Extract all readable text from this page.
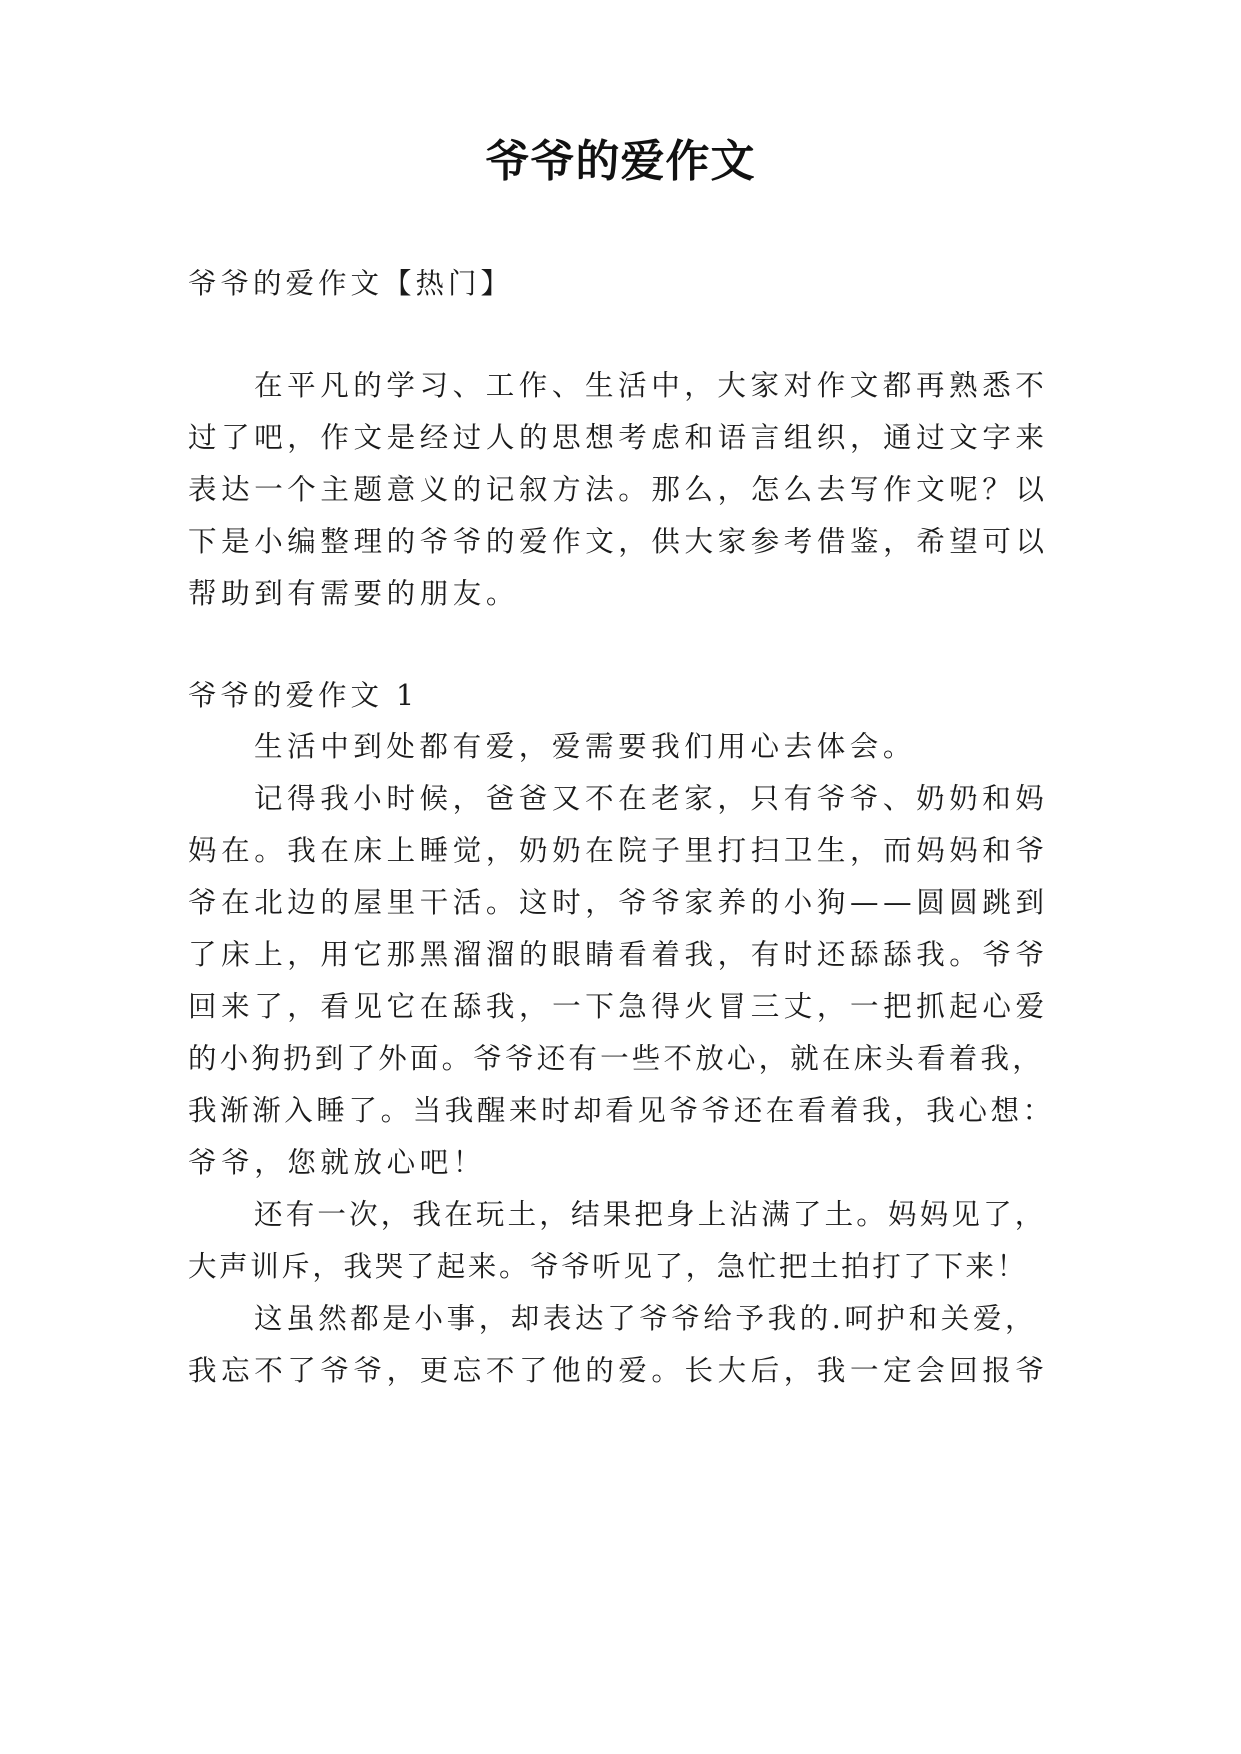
爷爷的爱作文
爷爷的爱作文【热门】
在平凡的学习、工作、生活中，大家对作文都再熟悉不
过了吧，作文是经过人的思想考虑和语言组织，通过文字来
表达一个主题意义的记叙方法。那么，怎么去写作文呢？以
下是小编整理的爷爷的爱作文，供大家参考借鉴，希望可以
帮助到有需要的朋友。
爷爷的爱作文 1
生活中到处都有爱，爱需要我们用心去体会。
记得我小时候，爸爸又不在老家，只有爷爷、奶奶和妈
妈在。我在床上睡觉，奶奶在院子里打扫卫生，而妈妈和爷
爷在北边的屋里干活。这时，爷爷家养的小狗——圆圆跳到
了床上，用它那黑溜溜的眼睛看着我，有时还舔舔我。爷爷
回来了，看见它在舔我，一下急得火冒三丈，一把抓起心爱
的小狗扔到了外面。爷爷还有一些不放心，就在床头看着我，
我渐渐入睡了。当我醒来时却看见爷爷还在看着我，我心想：
爷爷，您就放心吧！
还有一次，我在玩土，结果把身上沾满了土。妈妈见了，
大声训斥，我哭了起来。爷爷听见了，急忙把土拍打了下来！
这虽然都是小事，却表达了爷爷给予我的.呵护和关爱，
我忘不了爷爷，更忘不了他的爱。长大后，我一定会回报爷
